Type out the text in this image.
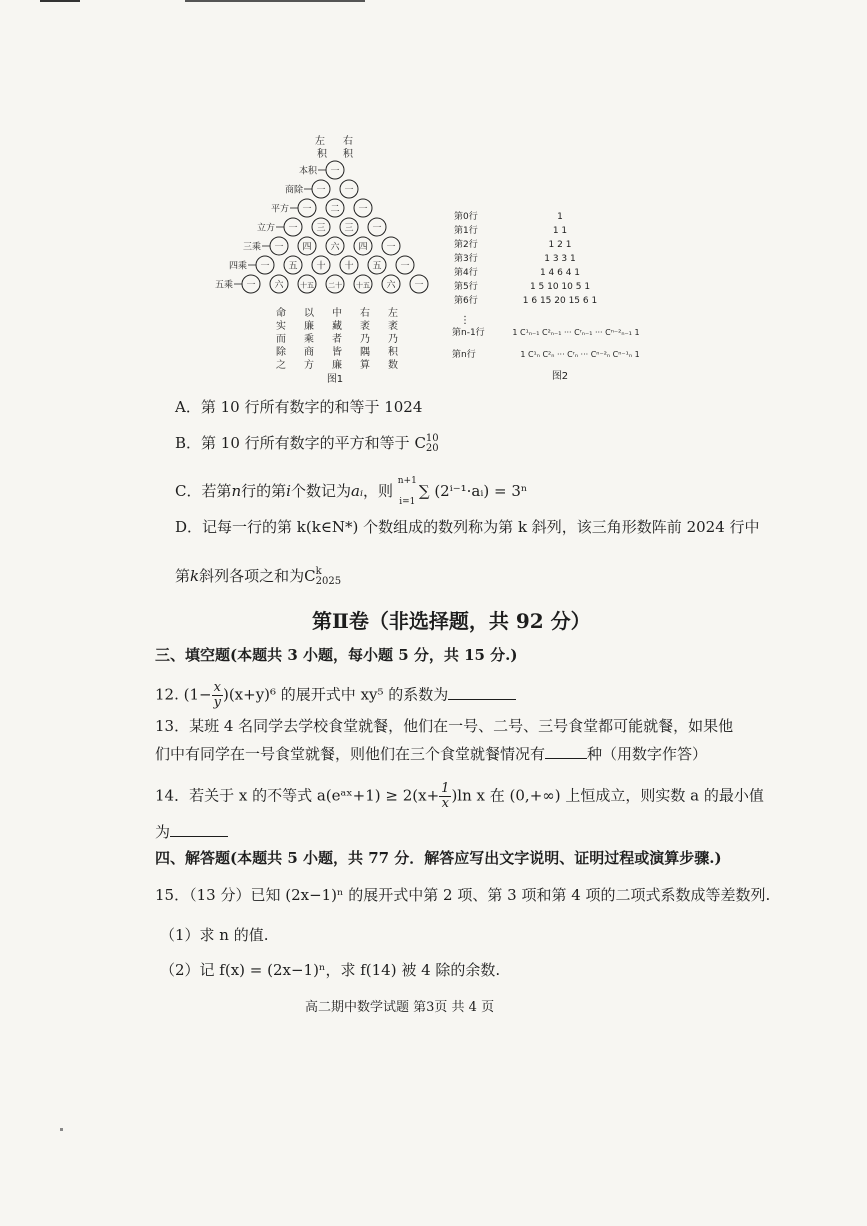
左 右
积 积
一
本积
一 一
商除
一 二 一
平方
一 三 三 一
立方
一 四 六 四 一
三乘
一 五 十 十 五 一
四乘
一 六 十五 二十 十五 六 一
五乘
命
实
而
除
之
以
廉
乘
商
方
中
藏
者
皆
廉
右
袤
乃
隅
算
左
袤
乃
积
数
图1
第0行	1
第1行	1 1
第2行	1 2 1
第3行	1 3 3 1
第4行	1 4 6 4 1
第5行	1 5 10 10 5 1
第6行	1 6 15 20 15 6 1
⋮
第n-1行	1 C¹ₙ₋₁ C²ₙ₋₁ ··· Cʳₙ₋₁ ··· Cⁿ⁻²ₙ₋₁ 1
第n行	1 C¹ₙ C²ₙ ··· Cʳₙ ··· Cⁿ⁻²ₙ Cⁿ⁻¹ₙ 1
图2
A．第 10 行所有数字的和等于 1024
B．第 10 行所有数字的平方和等于 C 10
20
C．若第n行的第i个数记为aᵢ，则
n+1
i=1
∑ (2ⁱ⁻¹·aᵢ) = 3ⁿ
D．记每一行的第 k(k∈N*) 个数组成的数列称为第 k 斜列，该三角形数阵前 2024 行中
第k斜列各项之和为C k
2025
第Ⅱ卷（非选择题，共 92 分）
三、填空题(本题共 3 小题，每小题 5 分，共 15 分.)
12. $(1- \frac{x}{y} )(x+y)^6$ 的展开式中 xy⁵ 的系数为
13．某班 4 名同学去学校食堂就餐，他们在一号、二号、三号食堂都可能就餐，如果他
们中有同学在一号食堂就餐，则他们在三个食堂就餐情况有	种（用数字作答）
14．若关于 x 的不等式 a(eᵃˣ+1) ≥ $2(x+ \frac{1}{x} )\ln$ x 在 (0,+∞) 上恒成立，则实数 a 的最小值
为
四、解答题(本题共 5 小题，共 77 分．解答应写出文字说明、证明过程或演算步骤.)
15．（13 分）已知 (2x−1)ⁿ 的展开式中第 2 项、第 3 项和第 4 项的二项式系数成等差数列.
（1）求 n 的值.
（2）记 f(x) = (2x−1)ⁿ，求 f(14) 被 4 除的余数.
高二期中数学试题 第3页 共 4 页
